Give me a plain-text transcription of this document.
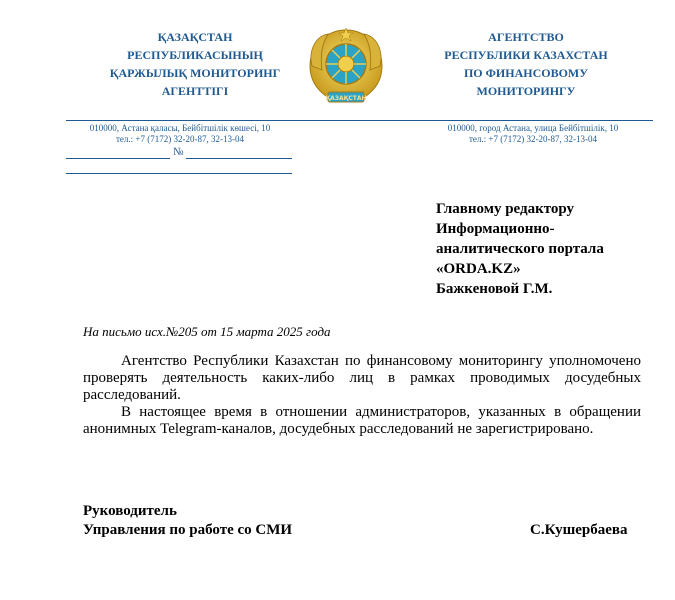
ҚАЗАҚСТАН
РЕСПУБЛИКАСЫНЫҢ
ҚАРЖЫЛЫҚ МОНИТОРИНГ
АГЕНТТІГІ
ҚАЗАҚСТАН
АГЕНТСТВО
РЕСПУБЛИКИ КАЗАХСТАН
ПО ФИНАНСОВОМУ
МОНИТОРИНГУ
010000, Астана қаласы, Бейбітшілік көшесі, 10
тел.: +7 (7172) 32-20-87, 32-13-04
010000, город Астана, улица Бейбітшілік, 10
тел.: +7 (7172) 32-20-87, 32-13-04
№
Главному редактору
Информационно-
аналитического портала
«ORDA.KZ»
Бажкеновой Г.М.
На письмо исх.№205 от 15 марта 2025 года

Агентство Республики Казахстан по финансовому мониторингу уполномочено проверять деятельность каких-либо лиц в рамках проводимых досудебных расследований.

В настоящее время в отношении администраторов, указанных в обращении анонимных Telegram-каналов, досудебных расследований не зарегистрировано.

Руководитель
Управления по работе со СМИ	С.Кушербаева
